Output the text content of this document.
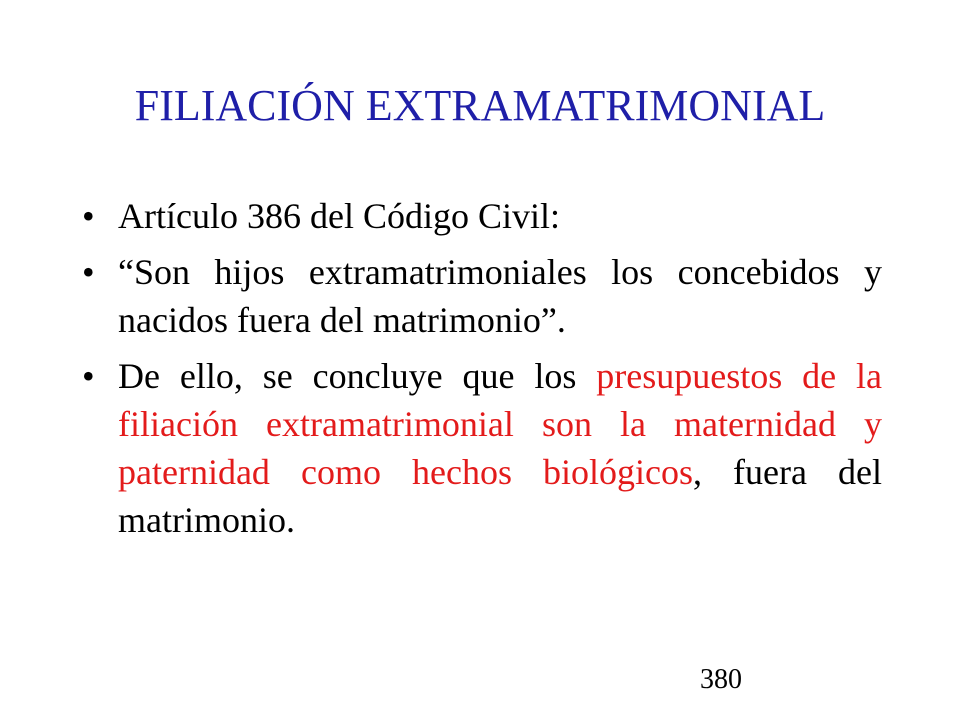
FILIACIÓN EXTRAMATRIMONIAL
• Artículo 386 del Código Civil:
• “Son hijos extramatrimoniales los concebidos y nacidos fuera del matrimonio”.
• De ello, se concluye que los presupuestos de la filiación extramatrimonial son la maternidad y paternidad como hechos biológicos, fuera del matrimonio.
380
